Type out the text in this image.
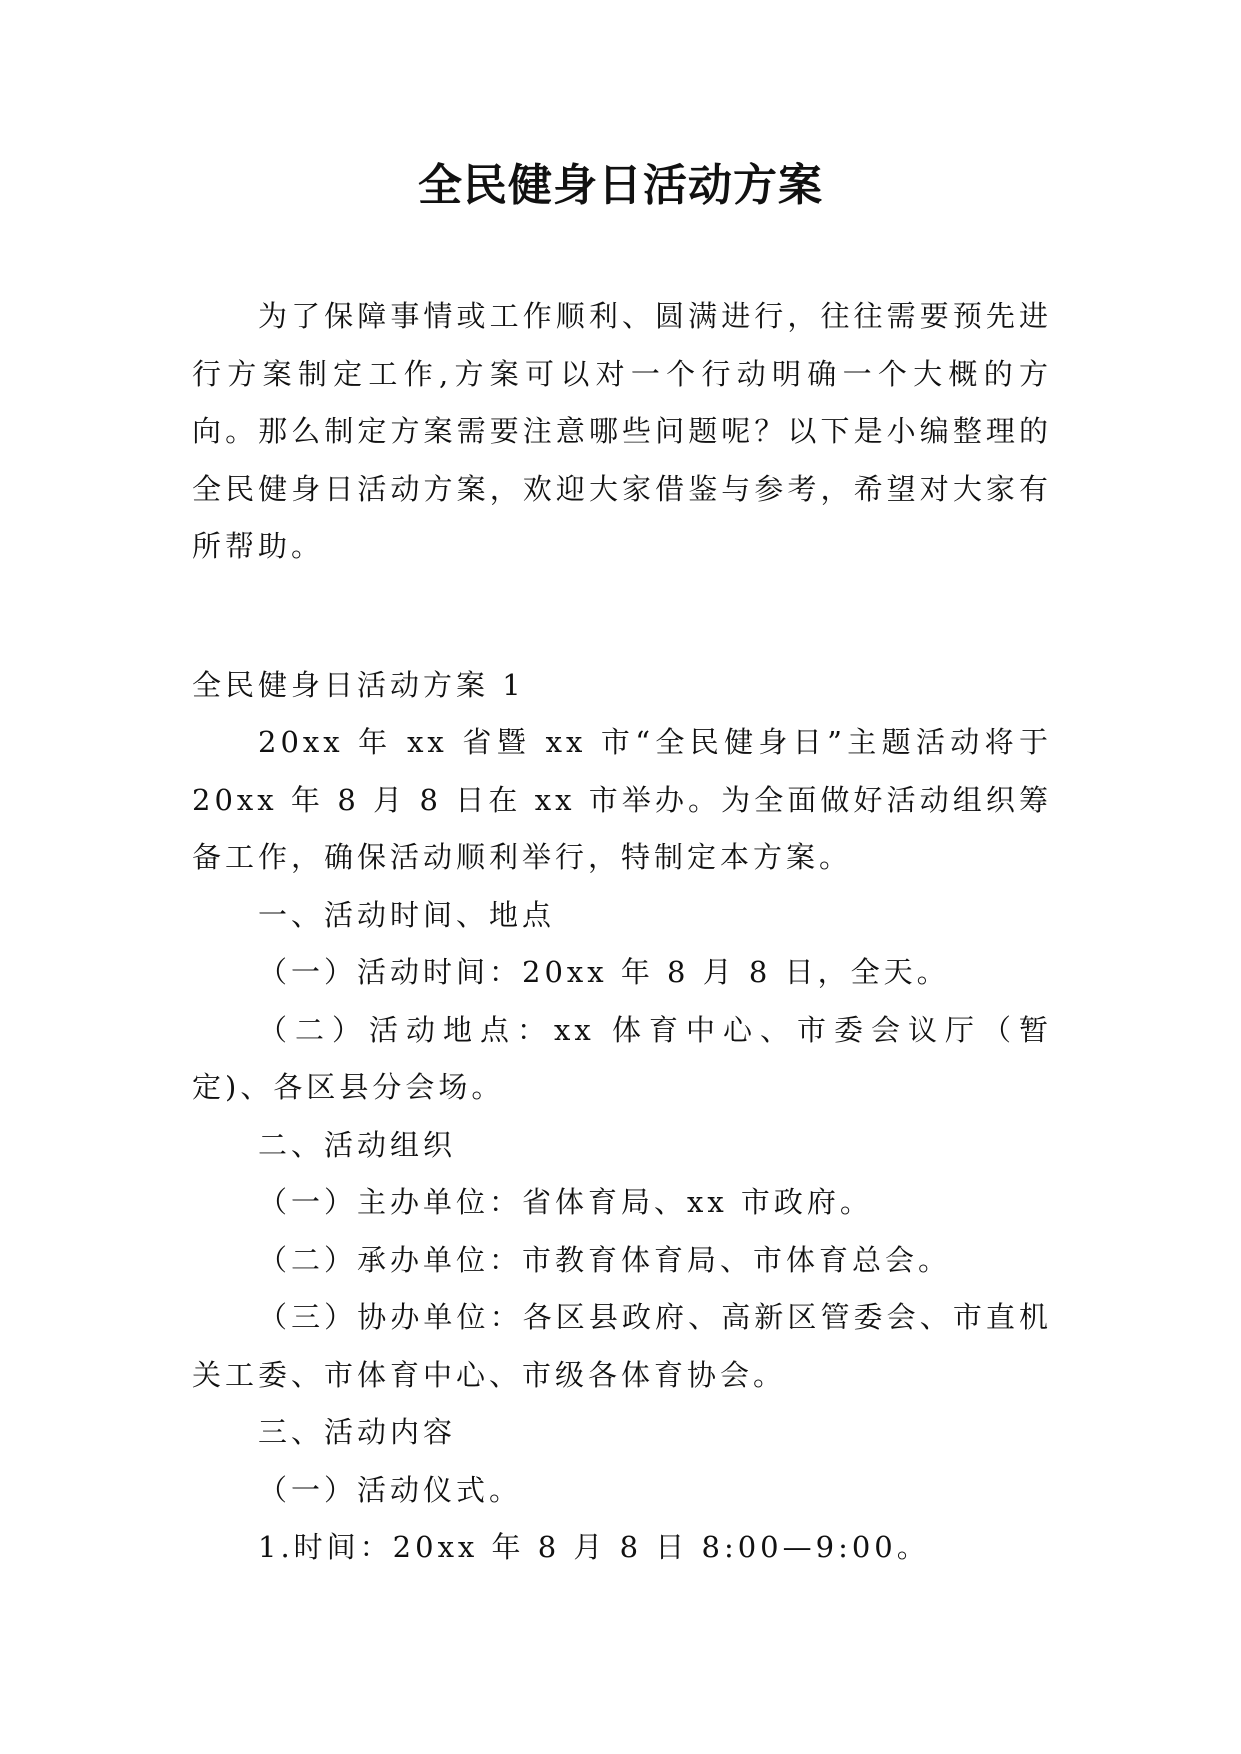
全民健身日活动方案

为了保障事情或工作顺利、圆满进行，往往需要预先进行方案制定工作,方案可以对一个行动明确一个大概的方向。那么制定方案需要注意哪些问题呢？以下是小编整理的全民健身日活动方案，欢迎大家借鉴与参考，希望对大家有所帮助。

全民健身日活动方案 1

20xx 年 xx 省暨 xx 市“全民健身日”主题活动将于 20xx 年 8 月 8 日在 xx 市举办。为全面做好活动组织筹备工作，确保活动顺利举行，特制定本方案。

一、活动时间、地点

（一）活动时间：20xx 年 8 月 8 日，全天。

（二）活动地点：xx 体育中心、市委会议厅（暂定)、各区县分会场。

二、活动组织

（一）主办单位：省体育局、xx 市政府。

（二）承办单位：市教育体育局、市体育总会。

（三）协办单位：各区县政府、高新区管委会、市直机关工委、市体育中心、市级各体育协会。

三、活动内容

（一）活动仪式。

1.时间：20xx 年 8 月 8 日 8:00—9:00。
